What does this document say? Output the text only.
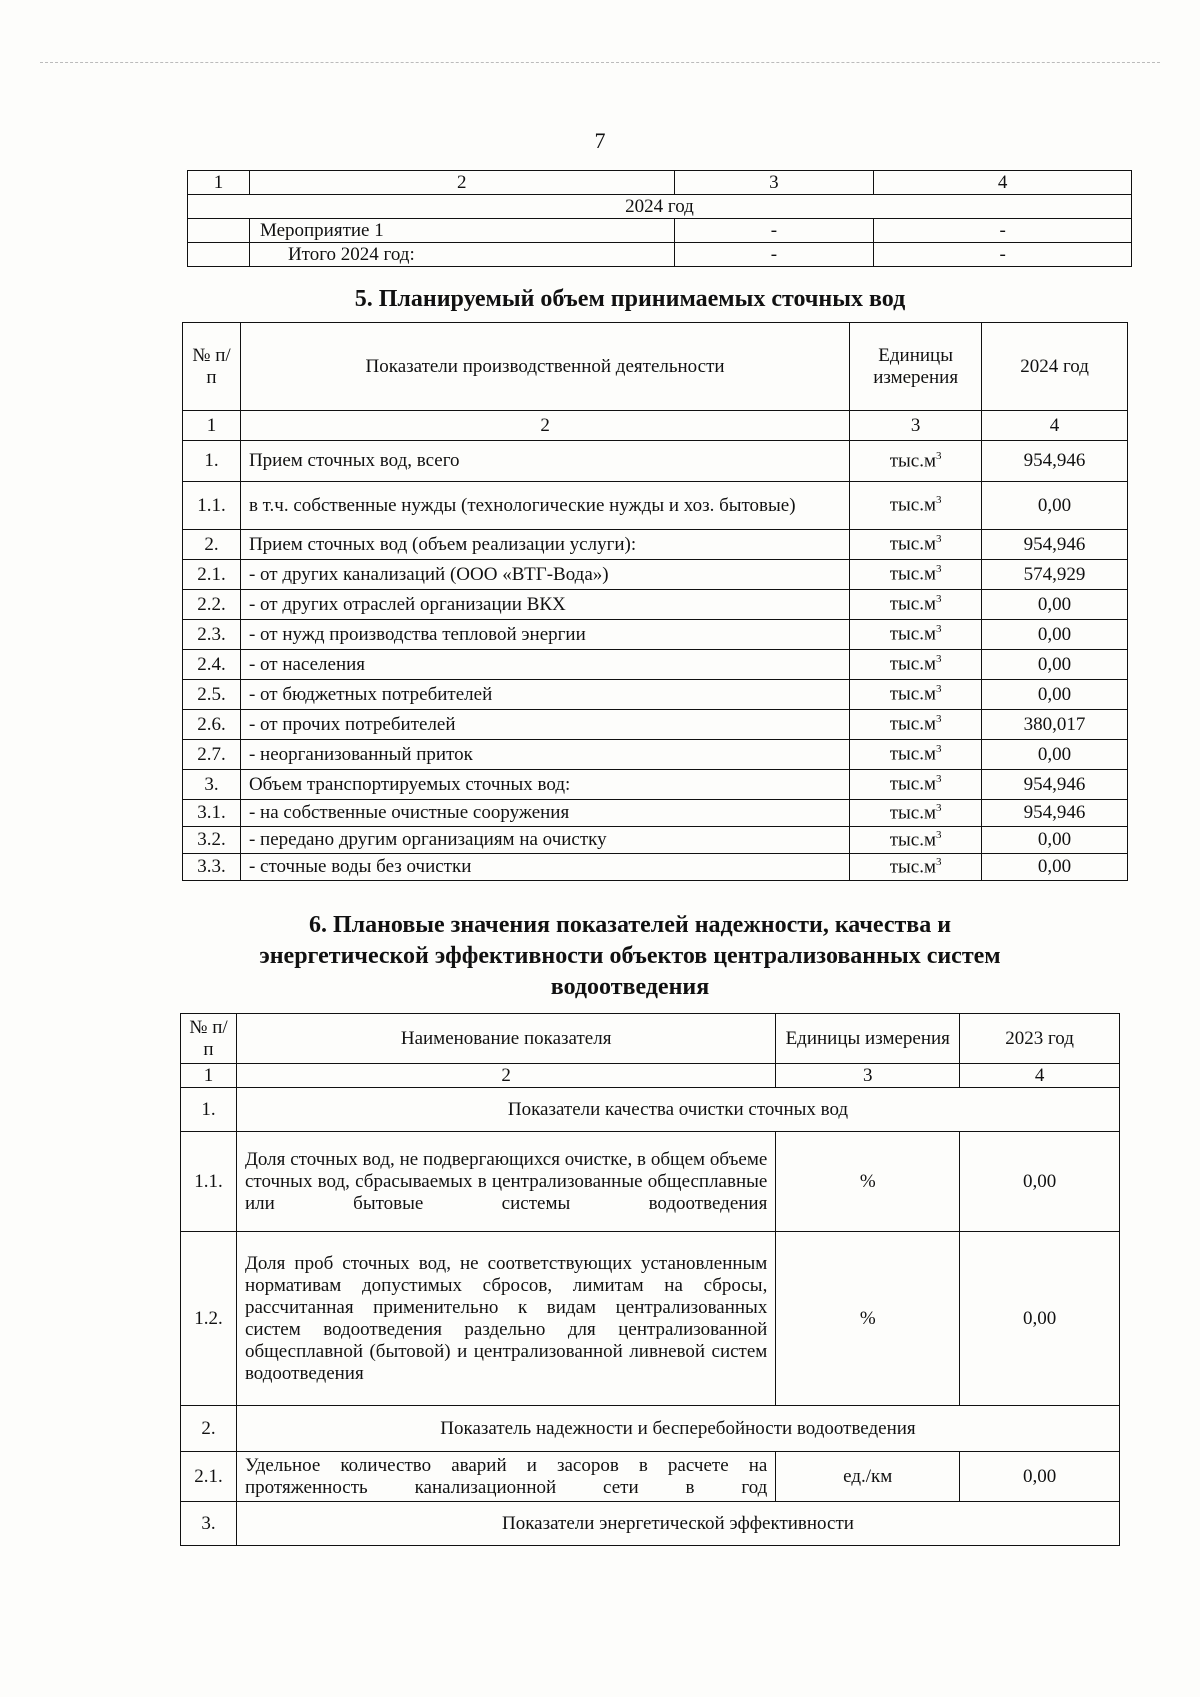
7
1	2	3	4
2024 год			
	Мероприятие 1	-	-
	Итого 2024 год:	-	-
5. Планируемый объем принимаемых сточных вод
№ п/п	Показатели производственной деятельности	Единицы измерения	2024 год
1	2	3	4
1.	Прием сточных вод, всего	$тыс.м^3$	954,946
1.1.	в т.ч. собственные нужды (технологические нужды и хоз. бытовые)	$тыс.м^3$	0,00
2.	Прием сточных вод (объем реализации услуги):	$тыс.м^3$	954,946
2.1.	- от других канализаций (ООО «ВТГ-Вода»)	$тыс.м^3$	574,929
2.2.	- от других отраслей организации ВКХ	$тыс.м^3$	0,00
2.3.	- от нужд производства тепловой энергии	$тыс.м^3$	0,00
2.4.	- от населения	$тыс.м^3$	0,00
2.5.	- от бюджетных потребителей	$тыс.м^3$	0,00
2.6.	- от прочих потребителей	$тыс.м^3$	380,017
2.7.	- неорганизованный приток	$тыс.м^3$	0,00
3.	Объем транспортируемых сточных вод:	$тыс.м^3$	954,946
3.1.	- на собственные очистные сооружения	$тыс.м^3$	954,946
3.2.	- передано другим организациям на очистку	$тыс.м^3$	0,00
3.3.	- сточные воды без очистки	$тыс.м^3$	0,00
6. Плановые значения показателей надежности, качества и
энергетической эффективности объектов централизованных систем
водоотведения
№ п/п	Наименование показателя	Единицы измерения	2023 год
1	2	3	4
1.	Показатели качества очистки сточных вод		
1.1.	Доля сточных вод, не подвергающихся очистке, в общем объеме сточных вод, сбрасываемых в централизованные общесплавные или бытовые системы водоотведения	%	0,00
1.2.	Доля проб сточных вод, не соответствующих установленным нормативам допустимых сбросов, лимитам на сбросы, рассчитанная применительно к видам централизованных систем водоотведения раздельно для централизованной общесплавной (бытовой) и централизованной ливневой систем водоотведения	%	0,00
2.	Показатель надежности и бесперебойности водоотведения		
2.1.	Удельное количество аварий и засоров в расчете на протяженность канализационной сети в год	ед./км	0,00
3.	Показатели энергетической эффективности		
